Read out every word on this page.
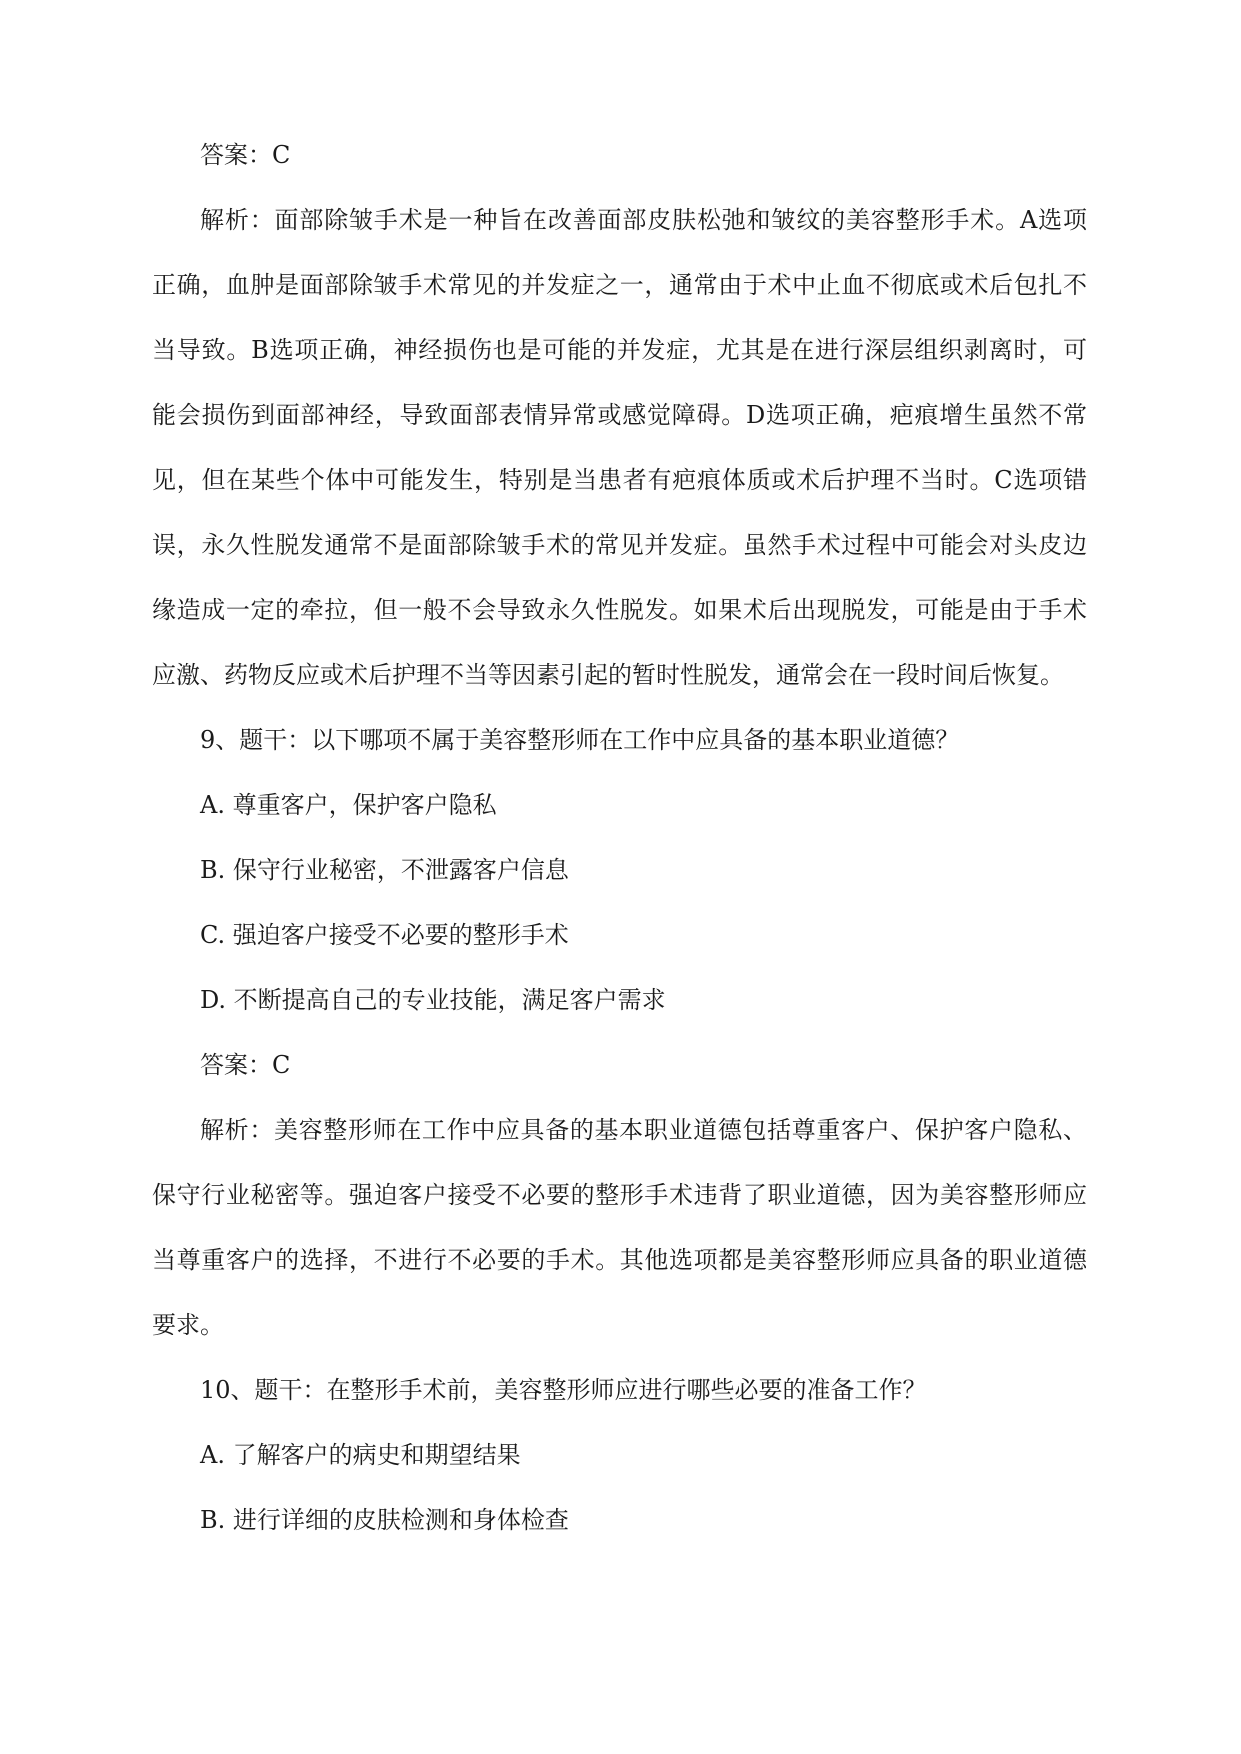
答案：C
解析：面部除皱手术是一种旨在改善面部皮肤松弛和皱纹的美容整形手术。A选项
正确，血肿是面部除皱手术常见的并发症之一，通常由于术中止血不彻底或术后包扎不
当导致。B选项正确，神经损伤也是可能的并发症，尤其是在进行深层组织剥离时，可
能会损伤到面部神经，导致面部表情异常或感觉障碍。D选项正确，疤痕增生虽然不常
见，但在某些个体中可能发生，特别是当患者有疤痕体质或术后护理不当时。C选项错
误，永久性脱发通常不是面部除皱手术的常见并发症。虽然手术过程中可能会对头皮边
缘造成一定的牵拉，但一般不会导致永久性脱发。如果术后出现脱发，可能是由于手术
应激、药物反应或术后护理不当等因素引起的暂时性脱发，通常会在一段时间后恢复。
9、题干：以下哪项不属于美容整形师在工作中应具备的基本职业道德？
A. 尊重客户，保护客户隐私
B. 保守行业秘密，不泄露客户信息
C. 强迫客户接受不必要的整形手术
D. 不断提高自己的专业技能，满足客户需求
答案：C
解析：美容整形师在工作中应具备的基本职业道德包括尊重客户、保护客户隐私、
保守行业秘密等。强迫客户接受不必要的整形手术违背了职业道德，因为美容整形师应
当尊重客户的选择，不进行不必要的手术。其他选项都是美容整形师应具备的职业道德
要求。
10、题干：在整形手术前，美容整形师应进行哪些必要的准备工作？
A. 了解客户的病史和期望结果
B. 进行详细的皮肤检测和身体检查
